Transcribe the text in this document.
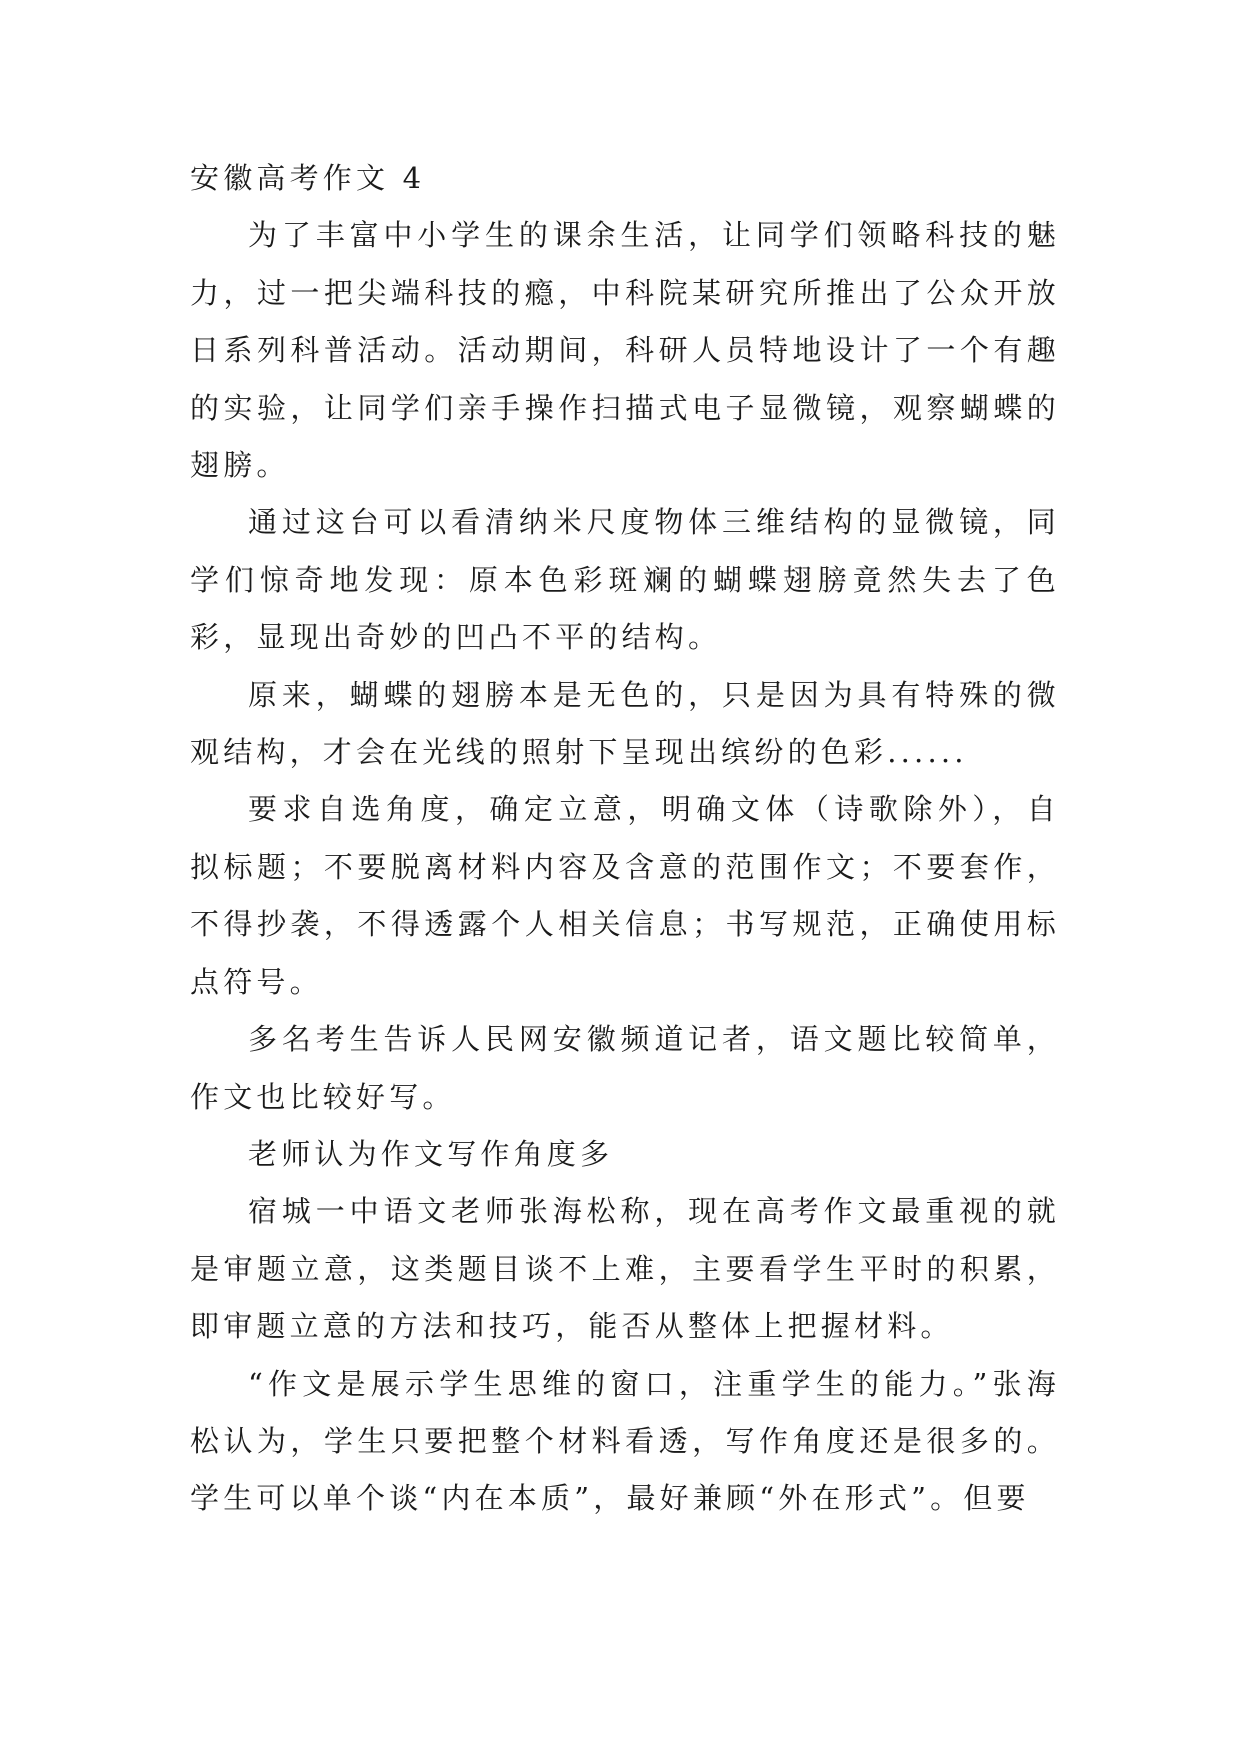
安徽高考作文 4

为了丰富中小学生的课余生活，让同学们领略科技的魅力，过一把尖端科技的瘾，中科院某研究所推出了公众开放日系列科普活动。活动期间，科研人员特地设计了一个有趣的实验，让同学们亲手操作扫描式电子显微镜，观察蝴蝶的翅膀。

通过这台可以看清纳米尺度物体三维结构的显微镜，同学们惊奇地发现：原本色彩斑斓的蝴蝶翅膀竟然失去了色彩，显现出奇妙的凹凸不平的结构。

原来，蝴蝶的翅膀本是无色的，只是因为具有特殊的微观结构，才会在光线的照射下呈现出缤纷的色彩......

要求自选角度，确定立意，明确文体（诗歌除外），自拟标题；不要脱离材料内容及含意的范围作文；不要套作，不得抄袭，不得透露个人相关信息；书写规范，正确使用标点符号。

多名考生告诉人民网安徽频道记者，语文题比较简单，作文也比较好写。

老师认为作文写作角度多

宿城一中语文老师张海松称，现在高考作文最重视的就是审题立意，这类题目谈不上难，主要看学生平时的积累，即审题立意的方法和技巧，能否从整体上把握材料。

“作文是展示学生思维的窗口，注重学生的能力。”张海松认为，学生只要把整个材料看透，写作角度还是很多的。学生可以单个谈“内在本质”，最好兼顾“外在形式”。但要
